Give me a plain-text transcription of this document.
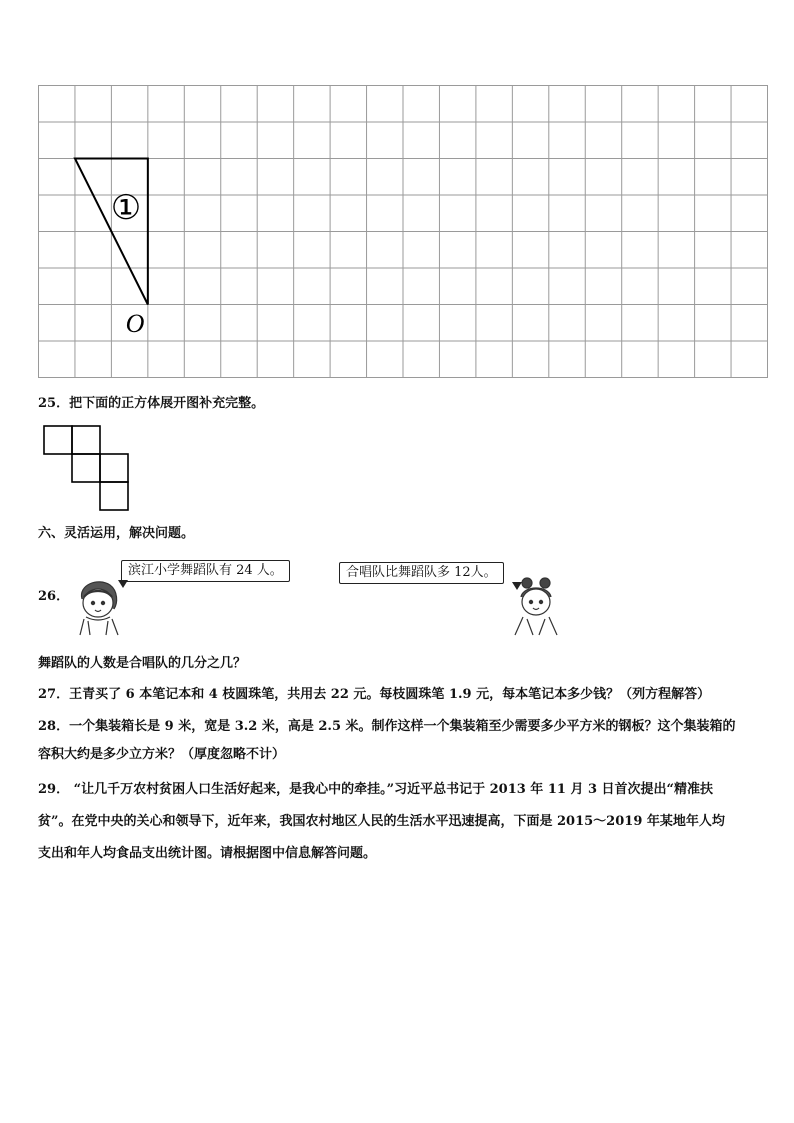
①
O
25．把下面的正方体展开图补充完整。
六、灵活运用，解决问题。
26．
滨江小学舞蹈队有 24 人。	合唱队比舞蹈队多 12人。
舞蹈队的人数是合唱队的几分之几？
27．王青买了 6 本笔记本和 4 枝圆珠笔，共用去 22 元。每枝圆珠笔 1.9 元，每本笔记本多少钱？（列方程解答）
28．一个集装箱长是 9 米，宽是 3.2 米，高是 2.5 米。制作这样一个集装箱至少需要多少平方米的钢板？这个集装箱的
容积大约是多少立方米？（厚度忽略不计）
29． “让几千万农村贫困人口生活好起来，是我心中的牵挂。”习近平总书记于 2013 年 11 月 3 日首次提出“精准扶
贫”。在党中央的关心和领导下，近年来，我国农村地区人民的生活水平迅速提高，下面是 2015～2019 年某地年人均
支出和年人均食品支出统计图。请根据图中信息解答问题。
